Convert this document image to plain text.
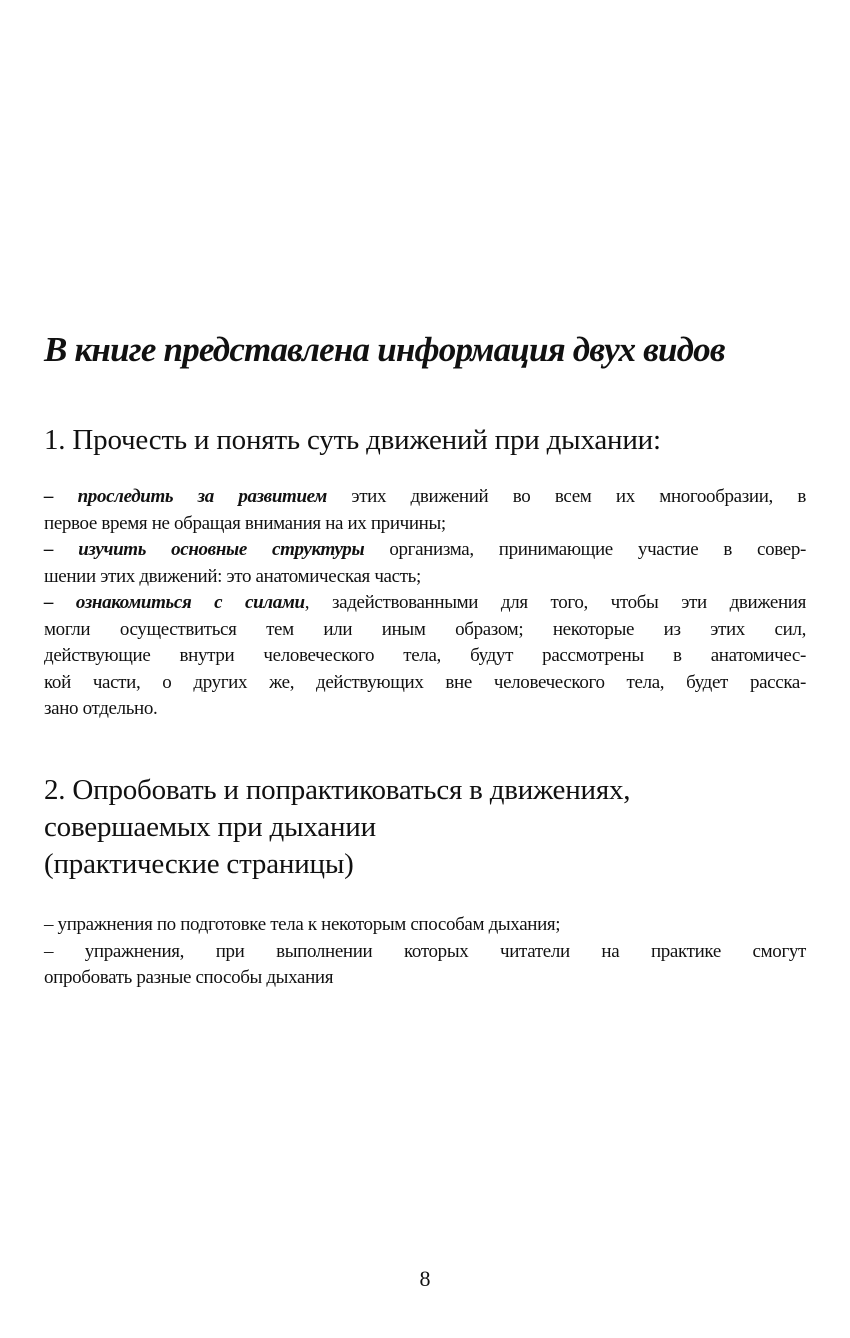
В книге представлена информация двух видов
1. Прочесть и понять суть движений при дыхании:
– проследить за развитием этих движений во всем их многообразии, в
первое время не обращая внимания на их причины;
– изучить основные структуры организма, принимающие участие в совер-
шении этих движений: это анатомическая часть;
– ознакомиться с силами, задействованными для того, чтобы эти движения
могли осуществиться тем или иным образом; некоторые из этих сил,
действующие внутри человеческого тела, будут рассмотрены в анатомичес-
кой части, о других же, действующих вне человеческого тела, будет расска-
зано отдельно.
2. Опробовать и попрактиковаться в движениях,
совершаемых при дыхании
(практические страницы)
– упражнения по подготовке тела к некоторым способам дыхания;
– упражнения, при выполнении которых читатели на практике смогут
опробовать разные способы дыхания
8
